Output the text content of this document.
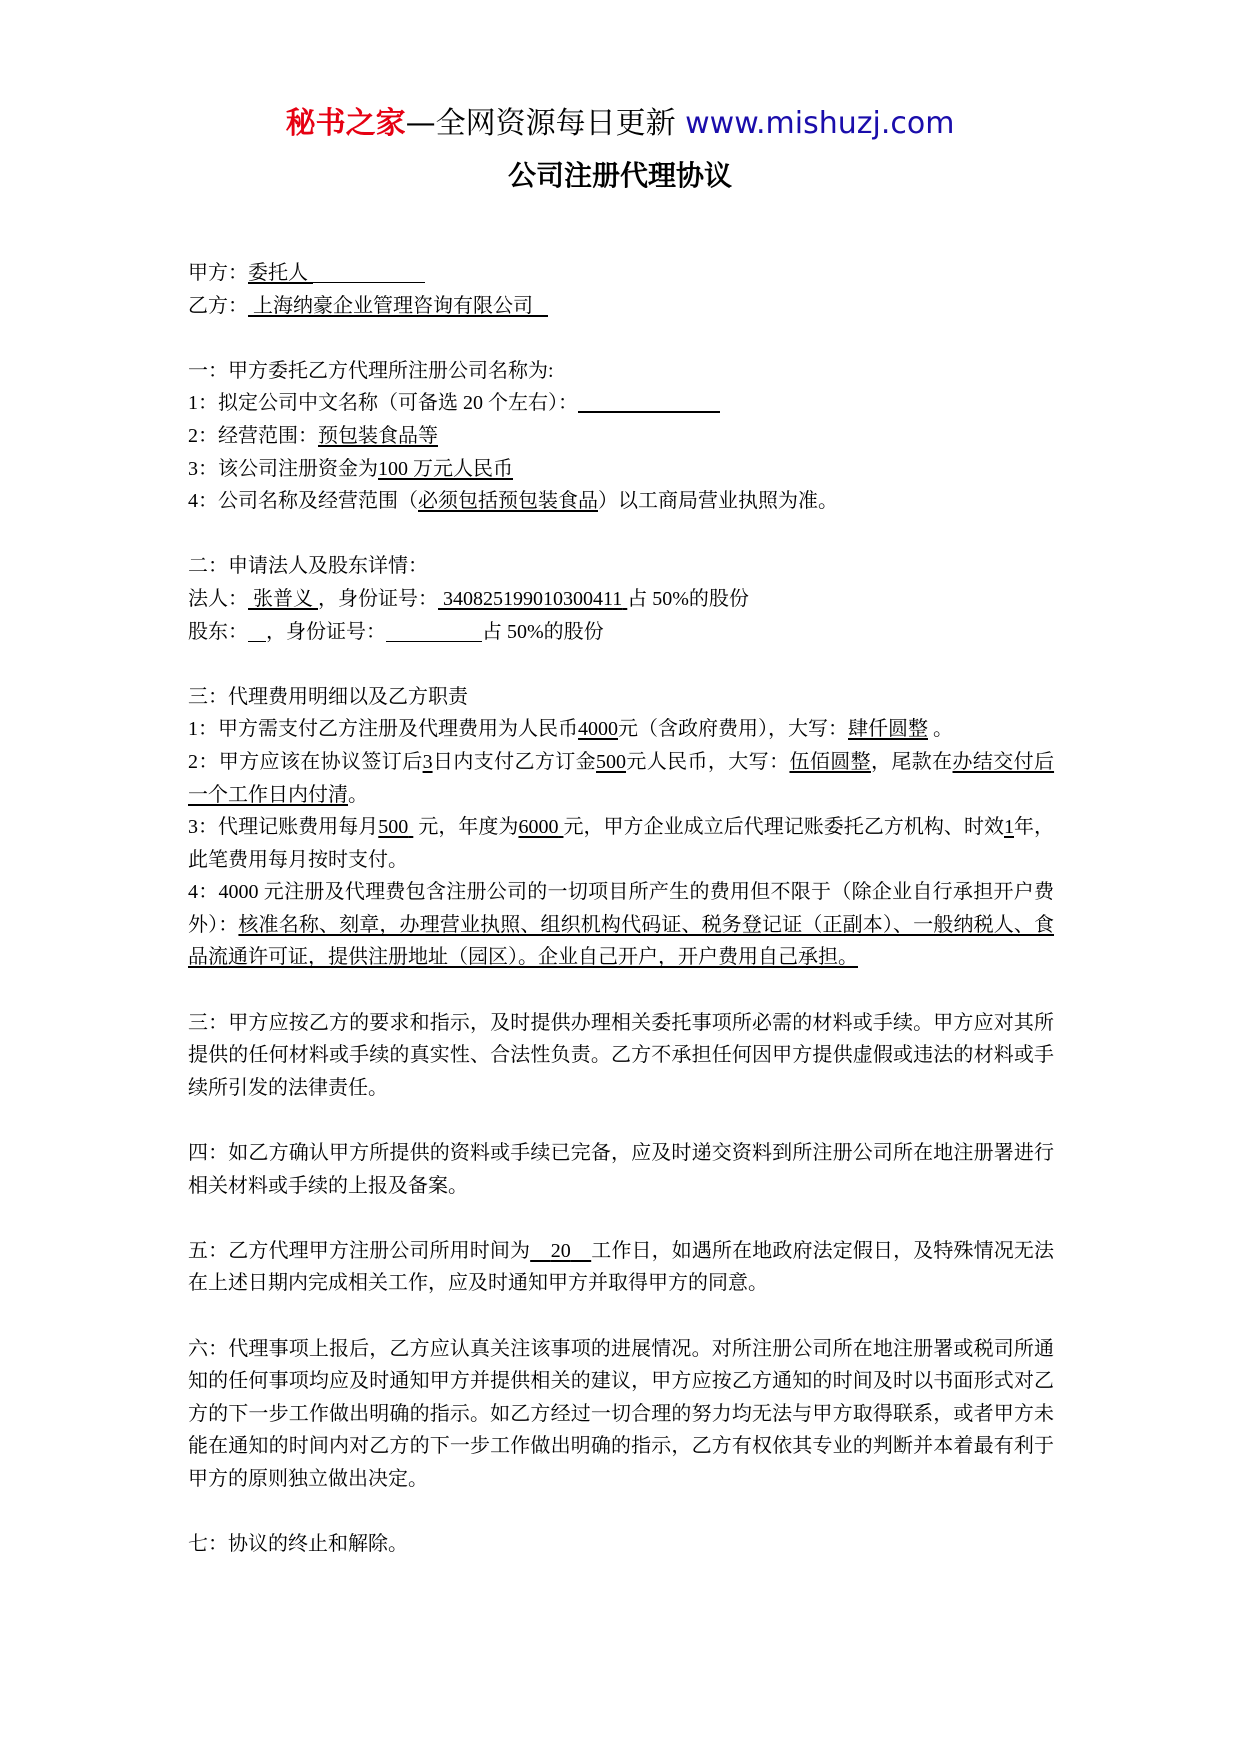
秘书之家—全网资源每日更新 www.mishuzj.com
公司注册代理协议
甲方：委托人
乙方： 上海纳豪企业管理咨询有限公司
一：甲方委托乙方代理所注册公司名称为:
1：拟定公司中文名称（可备选 20 个左右）：
2：经营范围：预包装食品等
3：该公司注册资金为100 万元人民币
4：公司名称及经营范围（必须包括预包装食品）以工商局营业执照为准。
二：申请法人及股东详情：
法人： 张普义 ，身份证号： 340825199010300411 占 50%的股份
股东： ，身份证号：	占 50%的股份
三：代理费用明细以及乙方职责
1：甲方需支付乙方注册及代理费用为人民币4000元（含政府费用），大写：肆仟圆整 。
2：甲方应该在协议签订后3日内支付乙方订金500元人民币，大写：伍佰圆整，尾款在办结交付后一个工作日内付清。
3：代理记账费用每月500 元，年度为6000 元，甲方企业成立后代理记账委托乙方机构、时效1年，此笔费用每月按时支付。
4：4000 元注册及代理费包含注册公司的一切项目所产生的费用但不限于（除企业自行承担开户费外）：核准名称、刻章，办理营业执照、组织机构代码证、税务登记证（正副本）、一般纳税人、食品流通许可证，提供注册地址（园区）。企业自己开户，开户费用自己承担。
三：甲方应按乙方的要求和指示，及时提供办理相关委托事项所必需的材料或手续。甲方应对其所提供的任何材料或手续的真实性、合法性负责。乙方不承担任何因甲方提供虚假或违法的材料或手续所引发的法律责任。
四：如乙方确认甲方所提供的资料或手续已完备，应及时递交资料到所注册公司所在地注册署进行相关材料或手续的上报及备案。
五：乙方代理甲方注册公司所用时间为 20 工作日，如遇所在地政府法定假日，及特殊情况无法在上述日期内完成相关工作，应及时通知甲方并取得甲方的同意。
六：代理事项上报后，乙方应认真关注该事项的进展情况。对所注册公司所在地注册署或税司所通知的任何事项均应及时通知甲方并提供相关的建议，甲方应按乙方通知的时间及时以书面形式对乙方的下一步工作做出明确的指示。如乙方经过一切合理的努力均无法与甲方取得联系，或者甲方未能在通知的时间内对乙方的下一步工作做出明确的指示，乙方有权依其专业的判断并本着最有利于甲方的原则独立做出决定。
七：协议的终止和解除。
